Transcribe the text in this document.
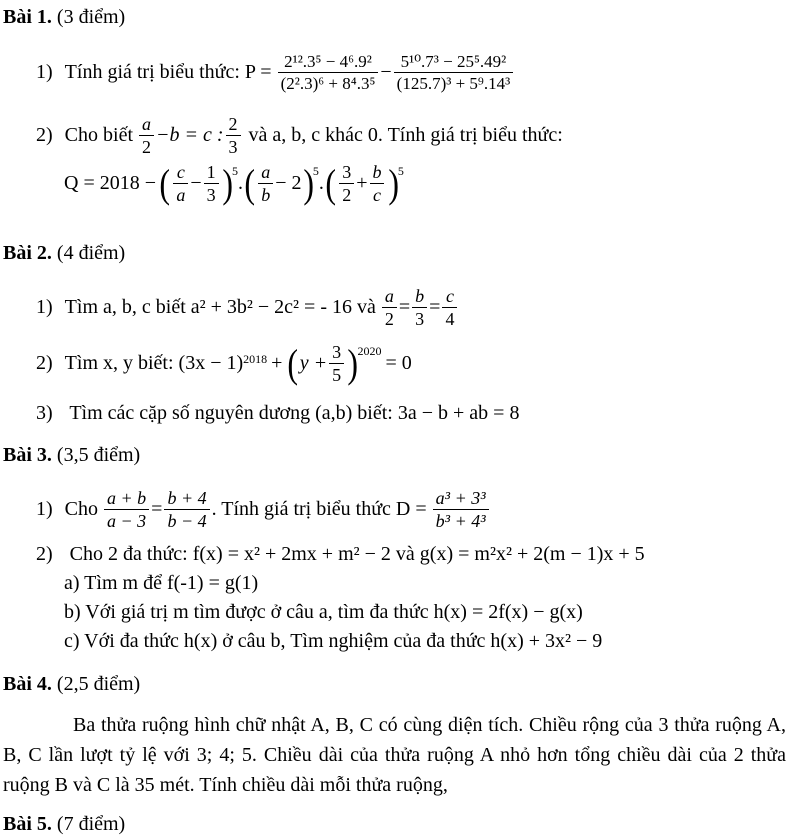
Bài 1. (3 điểm)
1) Tính giá trị biểu thức: $P = \frac{\text{2¹².3⁵ − 4⁶.9²}}{\text{(2².3)⁶ + 8⁴.3⁵}} - \frac{\text{5¹⁰.7³ − 25⁵.49²}}{\text{(125.7)³ + 5⁹.14³}}$
2) Cho biết $\frac{a}{2} -b = c$ : $\frac{2}{3}$ và a, b, c khác 0. Tính giá trị biểu thức:
Q = 2018 − ( $\frac{c}{a} - \frac{1}{3}$ ) 5
. ( $\frac{a}{b} - 2$ ) 5
. ( $\frac{3}{2} + \frac{b}{c}$ ) 5
Bài 2. (4 điểm)
1) Tìm a, b, c biết a² + 3b² − 2c² = - 16 và $\frac{a}{2} = \frac{b}{3} = \frac{c}{4}$
2) Tìm x, y biết: (3x − 1) 2018 + ( $y + \frac{3}{5}$ ) 2020
= 0
3) Tìm các cặp số nguyên dương (a,b) biết: 3a − b + ab = 8
Bài 3. (3,5 điểm)
1) Cho $\frac{a + b}{a - 3} = \frac{b + 4}{b - 4}$ . Tính giá trị biểu thức $D = \frac{\text{a³ + 3³}}{\text{b³ + 4³}}$
2) Cho 2 đa thức: f(x) = x² + 2mx + m² − 2 và g(x) = m²x² + 2(m − 1)x + 5
a) Tìm m để f(-1) = g(1)
b) Với giá trị m tìm được ở câu a, tìm đa thức h(x) = 2f(x) − g(x)
c) Với đa thức h(x) ở câu b, Tìm nghiệm của đa thức h(x) + 3x² − 9
Bài 4. (2,5 điểm)
Ba thửa ruộng hình chữ nhật A, B, C có cùng diện tích. Chiều rộng của 3 thửa ruộng A, B, C lần lượt tỷ lệ với 3; 4; 5. Chiều dài của thửa ruộng A nhỏ hơn tổng chiều dài của 2 thửa ruộng B và C là 35 mét. Tính chiều dài mỗi thửa ruộng,
Bài 5. (7 điểm)
